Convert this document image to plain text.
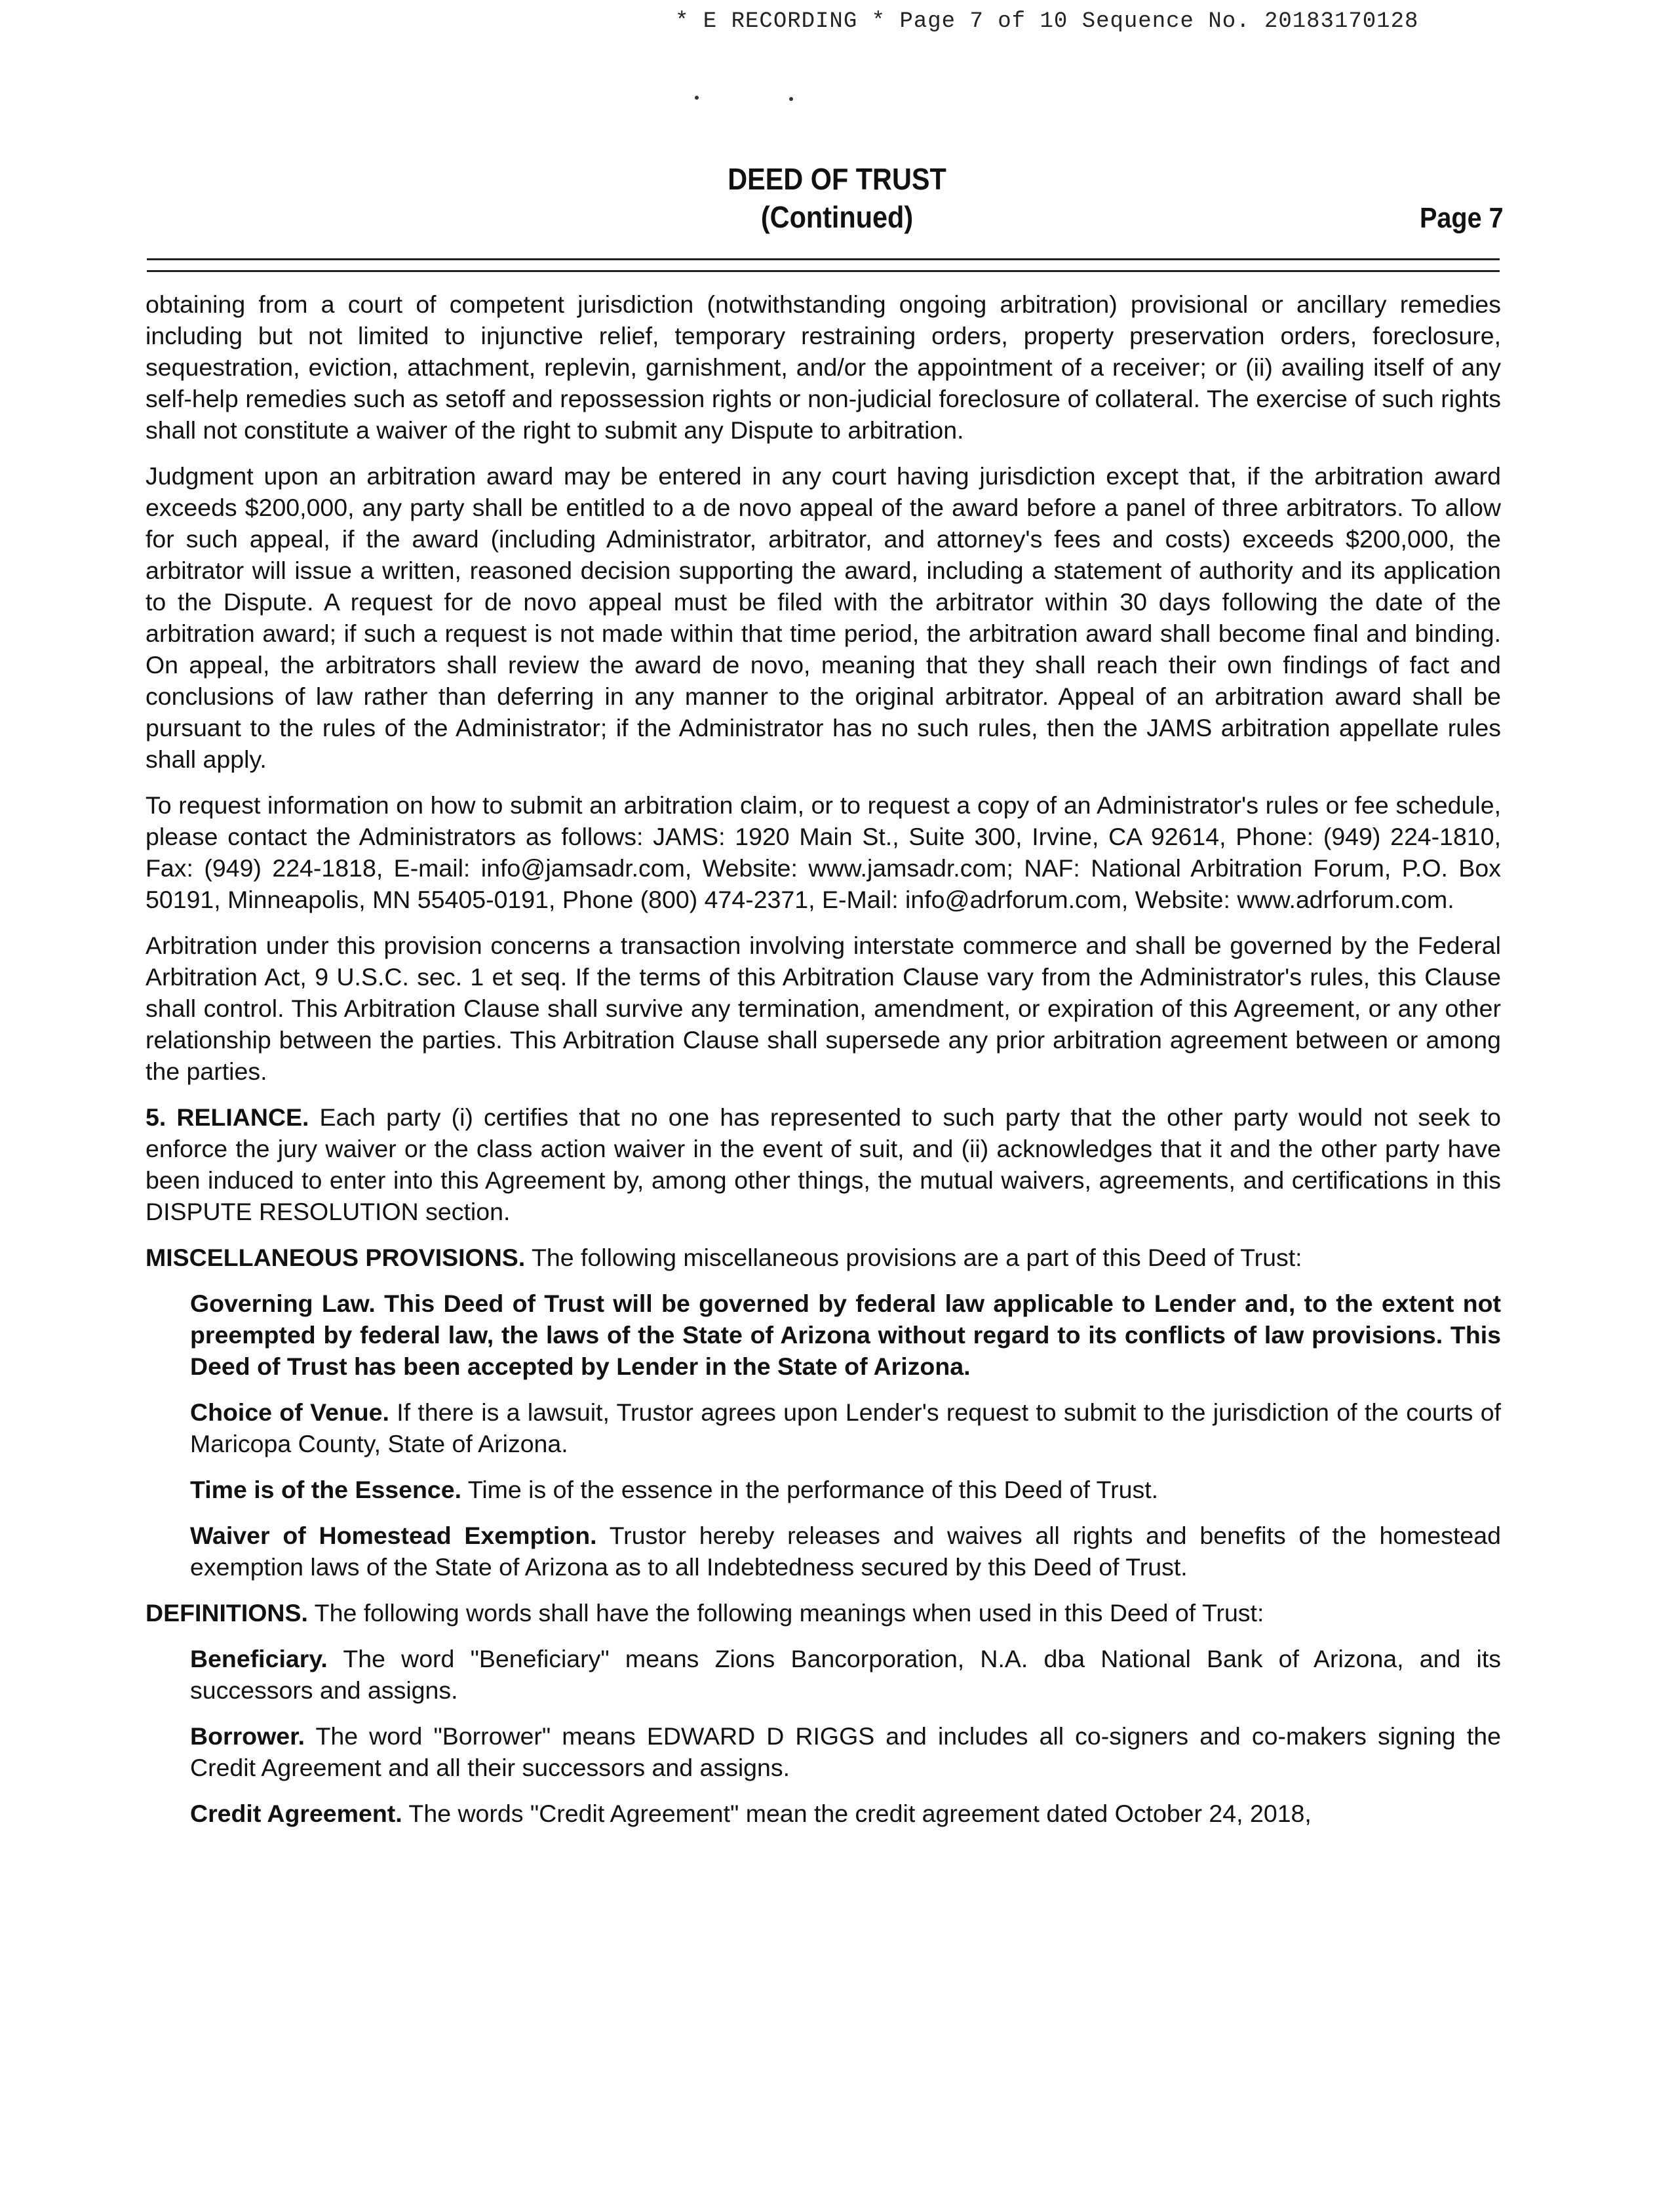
* E RECORDING * Page 7 of 10 Sequence No. 20183170128
DEED OF TRUST
(Continued)	Page 7

obtaining from a court of competent jurisdiction (notwithstanding ongoing arbitration) provisional or ancillary remedies including but not limited to injunctive relief, temporary restraining orders, property preservation orders, foreclosure, sequestration, eviction, attachment, replevin, garnishment, and/or the appointment of a receiver; or (ii) availing itself of any self-help remedies such as setoff and repossession rights or non-judicial foreclosure of collateral. The exercise of such rights shall not constitute a waiver of the right to submit any Dispute to arbitration.

Judgment upon an arbitration award may be entered in any court having jurisdiction except that, if the arbitration award exceeds $200,000, any party shall be entitled to a de novo appeal of the award before a panel of three arbitrators. To allow for such appeal, if the award (including Administrator, arbitrator, and attorney's fees and costs) exceeds $200,000, the arbitrator will issue a written, reasoned decision supporting the award, including a statement of authority and its application to the Dispute. A request for de novo appeal must be filed with the arbitrator within 30 days following the date of the arbitration award; if such a request is not made within that time period, the arbitration award shall become final and binding. On appeal, the arbitrators shall review the award de novo, meaning that they shall reach their own findings of fact and conclusions of law rather than deferring in any manner to the original arbitrator. Appeal of an arbitration award shall be pursuant to the rules of the Administrator; if the Administrator has no such rules, then the JAMS arbitration appellate rules shall apply.

To request information on how to submit an arbitration claim, or to request a copy of an Administrator's rules or fee schedule, please contact the Administrators as follows: JAMS: 1920 Main St., Suite 300, Irvine, CA 92614, Phone: (949) 224-1810, Fax: (949) 224-1818, E-mail: info@jamsadr.com, Website: www.jamsadr.com; NAF: National Arbitration Forum, P.O. Box 50191, Minneapolis, MN 55405-0191, Phone (800) 474-2371, E-Mail: info@adrforum.com, Website: www.adrforum.com.

Arbitration under this provision concerns a transaction involving interstate commerce and shall be governed by the Federal Arbitration Act, 9 U.S.C. sec. 1 et seq. If the terms of this Arbitration Clause vary from the Administrator's rules, this Clause shall control. This Arbitration Clause shall survive any termination, amendment, or expiration of this Agreement, or any other relationship between the parties. This Arbitration Clause shall supersede any prior arbitration agreement between or among the parties.

5. RELIANCE. Each party (i) certifies that no one has represented to such party that the other party would not seek to enforce the jury waiver or the class action waiver in the event of suit, and (ii) acknowledges that it and the other party have been induced to enter into this Agreement by, among other things, the mutual waivers, agreements, and certifications in this DISPUTE RESOLUTION section.

MISCELLANEOUS PROVISIONS. The following miscellaneous provisions are a part of this Deed of Trust:

Governing Law. This Deed of Trust will be governed by federal law applicable to Lender and, to the extent not preempted by federal law, the laws of the State of Arizona without regard to its conflicts of law provisions. This Deed of Trust has been accepted by Lender in the State of Arizona.

Choice of Venue. If there is a lawsuit, Trustor agrees upon Lender's request to submit to the jurisdiction of the courts of Maricopa County, State of Arizona.

Time is of the Essence. Time is of the essence in the performance of this Deed of Trust.

Waiver of Homestead Exemption. Trustor hereby releases and waives all rights and benefits of the homestead exemption laws of the State of Arizona as to all Indebtedness secured by this Deed of Trust.

DEFINITIONS. The following words shall have the following meanings when used in this Deed of Trust:

Beneficiary. The word "Beneficiary" means Zions Bancorporation, N.A. dba National Bank of Arizona, and its successors and assigns.

Borrower. The word "Borrower" means EDWARD D RIGGS and includes all co-signers and co-makers signing the Credit Agreement and all their successors and assigns.

Credit Agreement. The words "Credit Agreement" mean the credit agreement dated October 24, 2018,
